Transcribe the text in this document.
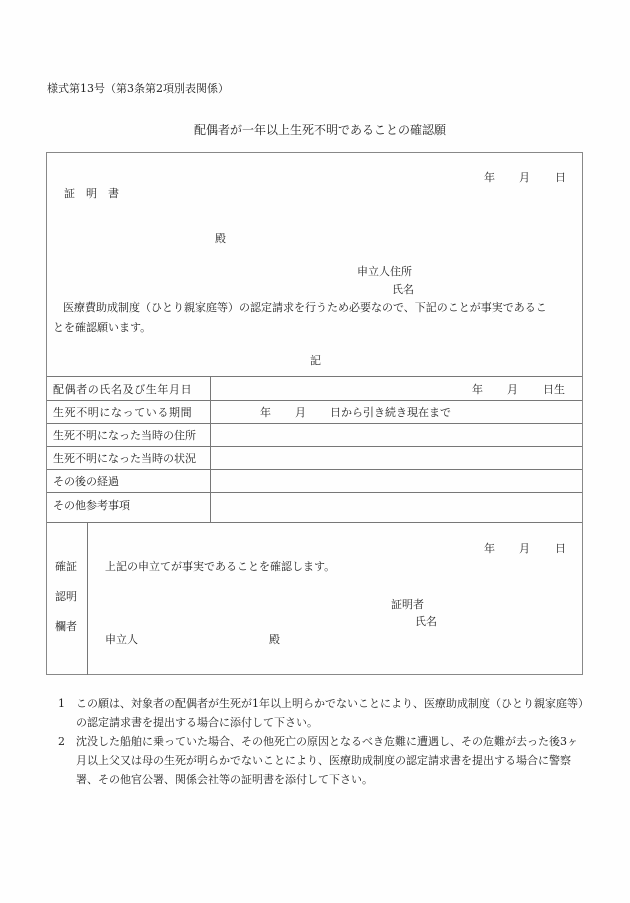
様式第13号（第3条第2項別表関係）
配偶者が一年以上生死不明であることの確認願
年 月 日
証　明　書
殿
申立人住所
氏名
医療費助成制度（ひとり親家庭等）の認定請求を行うため必要なので、下記のことが事実であるこ
とを確認願います。
記
配偶者の氏名及び生年月日	年 月 日生
生死不明になっている期間	年 月 日から引き続き現在まで
生死不明になった当時の住所
生死不明になった当時の状況
その後の経過
その他参考事項
確証
認明
欄者
年 月 日
上記の申立てが事実であることを確認します。
証明者
氏名
申立人	殿
1 この願は、対象者の配偶者が生死が1年以上明らかでないことにより、医療助成制度（ひとり親家庭等）の認定請求書を提出する場合に添付して下さい。
2 沈没した船舶に乗っていた場合、その他死亡の原因となるべき危難に遭遇し、その危難が去った後3ヶ月以上父又は母の生死が明らかでないことにより、医療助成制度の認定請求書を提出する場合に警察署、その他官公署、関係会社等の証明書を添付して下さい。
